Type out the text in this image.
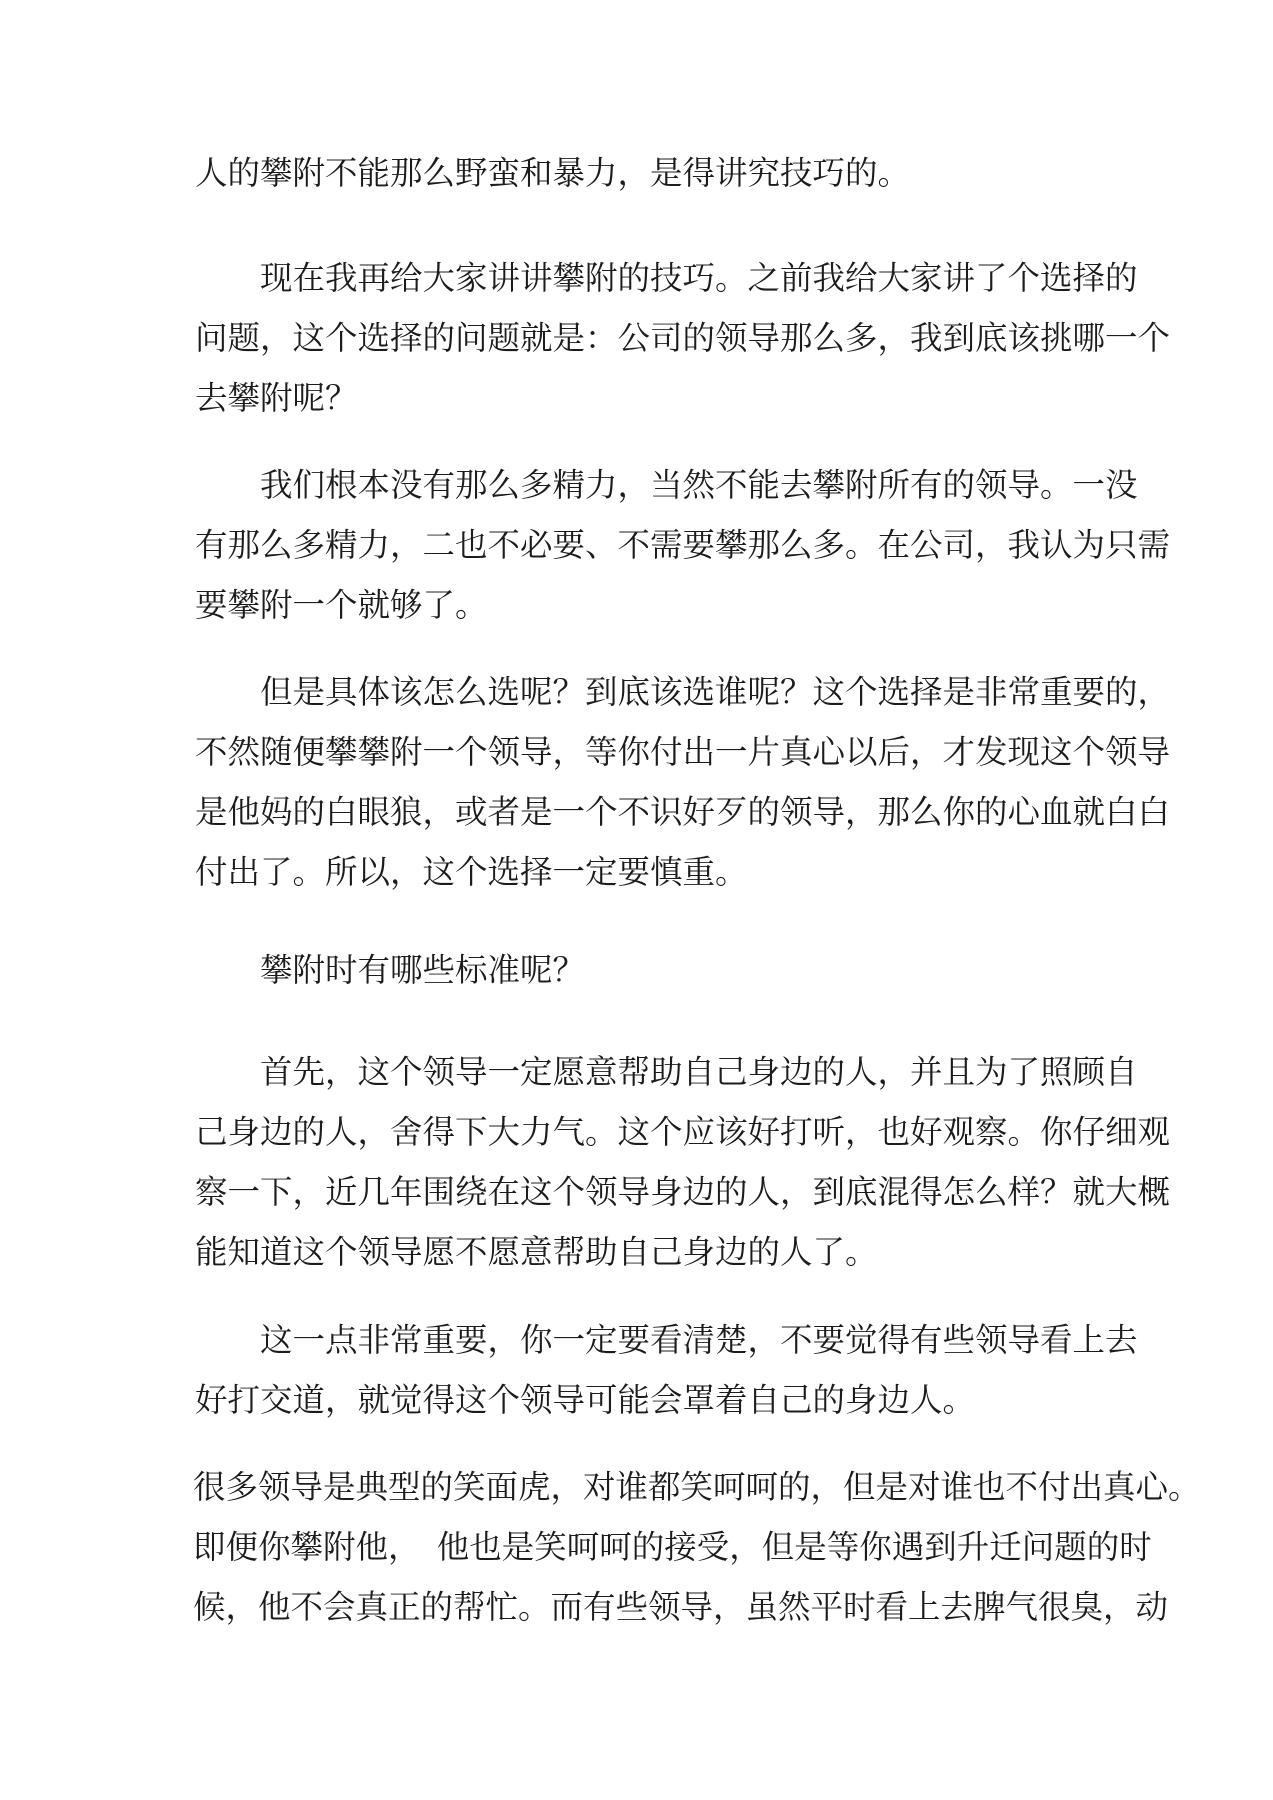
人的攀附不能那么野蛮和暴力，是得讲究技巧的。

现在我再给大家讲讲攀附的技巧。之前我给大家讲了个选择的

问题，这个选择的问题就是：公司的领导那么多，我到底该挑哪一个

去攀附呢？

我们根本没有那么多精力，当然不能去攀附所有的领导。一没

有那么多精力，二也不必要、不需要攀那么多。在公司，我认为只需

要攀附一个就够了。

但是具体该怎么选呢？到底该选谁呢？这个选择是非常重要的，

不然随便攀攀附一个领导，等你付出一片真心以后，才发现这个领导

是他妈的白眼狼，或者是一个不识好歹的领导，那么你的心血就白白

付出了。所以，这个选择一定要慎重。

攀附时有哪些标准呢？

首先，这个领导一定愿意帮助自己身边的人，并且为了照顾自

己身边的人，舍得下大力气。这个应该好打听，也好观察。你仔细观

察一下，近几年围绕在这个领导身边的人，到底混得怎么样？就大概

能知道这个领导愿不愿意帮助自己身边的人了。

这一点非常重要，你一定要看清楚，不要觉得有些领导看上去

好打交道，就觉得这个领导可能会罩着自己的身边人。

很多领导是典型的笑面虎，对谁都笑呵呵的，但是对谁也不付出真心。

即便你攀附他，　他也是笑呵呵的接受，但是等你遇到升迁问题的时

候，他不会真正的帮忙。而有些领导，虽然平时看上去脾气很臭，动
